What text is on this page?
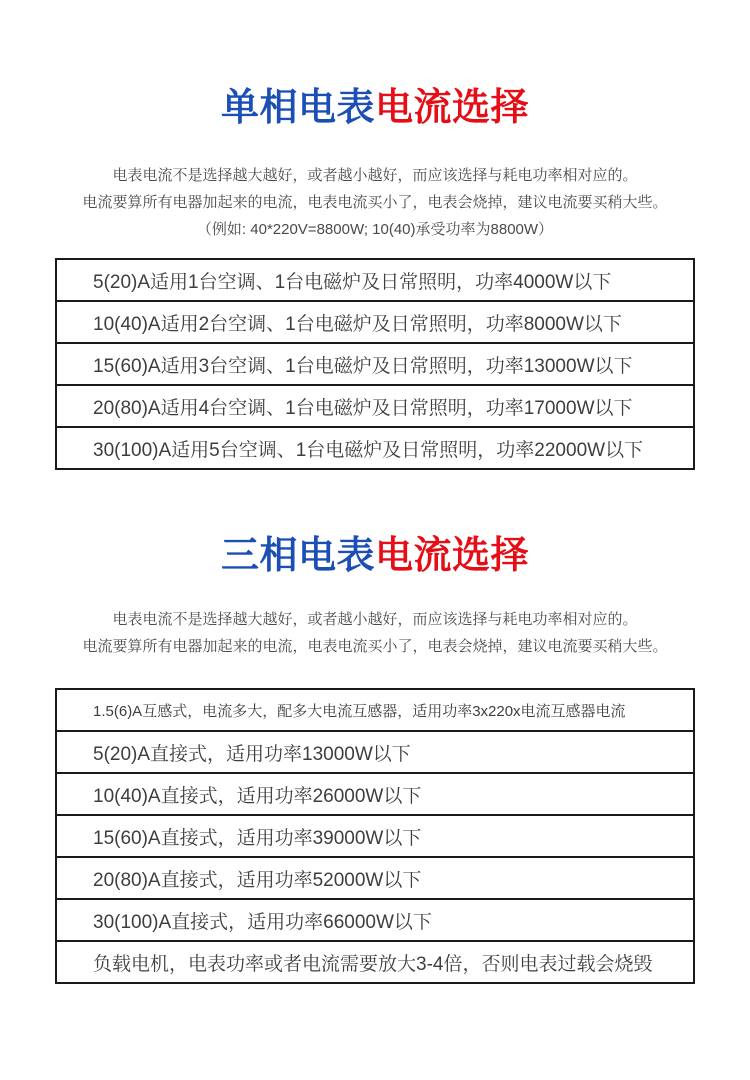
单相电表电流选择
电表电流不是选择越大越好，或者越小越好，而应该选择与耗电功率相对应的。
电流要算所有电器加起来的电流，电表电流买小了，电表会烧掉，建议电流要买稍大些。
（例如: 40*220V=8800W; 10(40)承受功率为8800W）
5(20)A适用1台空调、1台电磁炉及日常照明，功率4000W以下
10(40)A适用2台空调、1台电磁炉及日常照明，功率8000W以下
15(60)A适用3台空调、1台电磁炉及日常照明，功率13000W以下
20(80)A适用4台空调、1台电磁炉及日常照明，功率17000W以下
30(100)A适用5台空调、1台电磁炉及日常照明，功率22000W以下
三相电表电流选择
电表电流不是选择越大越好，或者越小越好，而应该选择与耗电功率相对应的。
电流要算所有电器加起来的电流，电表电流买小了，电表会烧掉，建议电流要买稍大些。
1.5(6)A互感式，电流多大，配多大电流互感器，适用功率3x220x电流互感器电流
5(20)A直接式，适用功率13000W以下
10(40)A直接式，适用功率26000W以下
15(60)A直接式，适用功率39000W以下
20(80)A直接式，适用功率52000W以下
30(100)A直接式，适用功率66000W以下
负载电机，电表功率或者电流需要放大3-4倍，否则电表过载会烧毁
